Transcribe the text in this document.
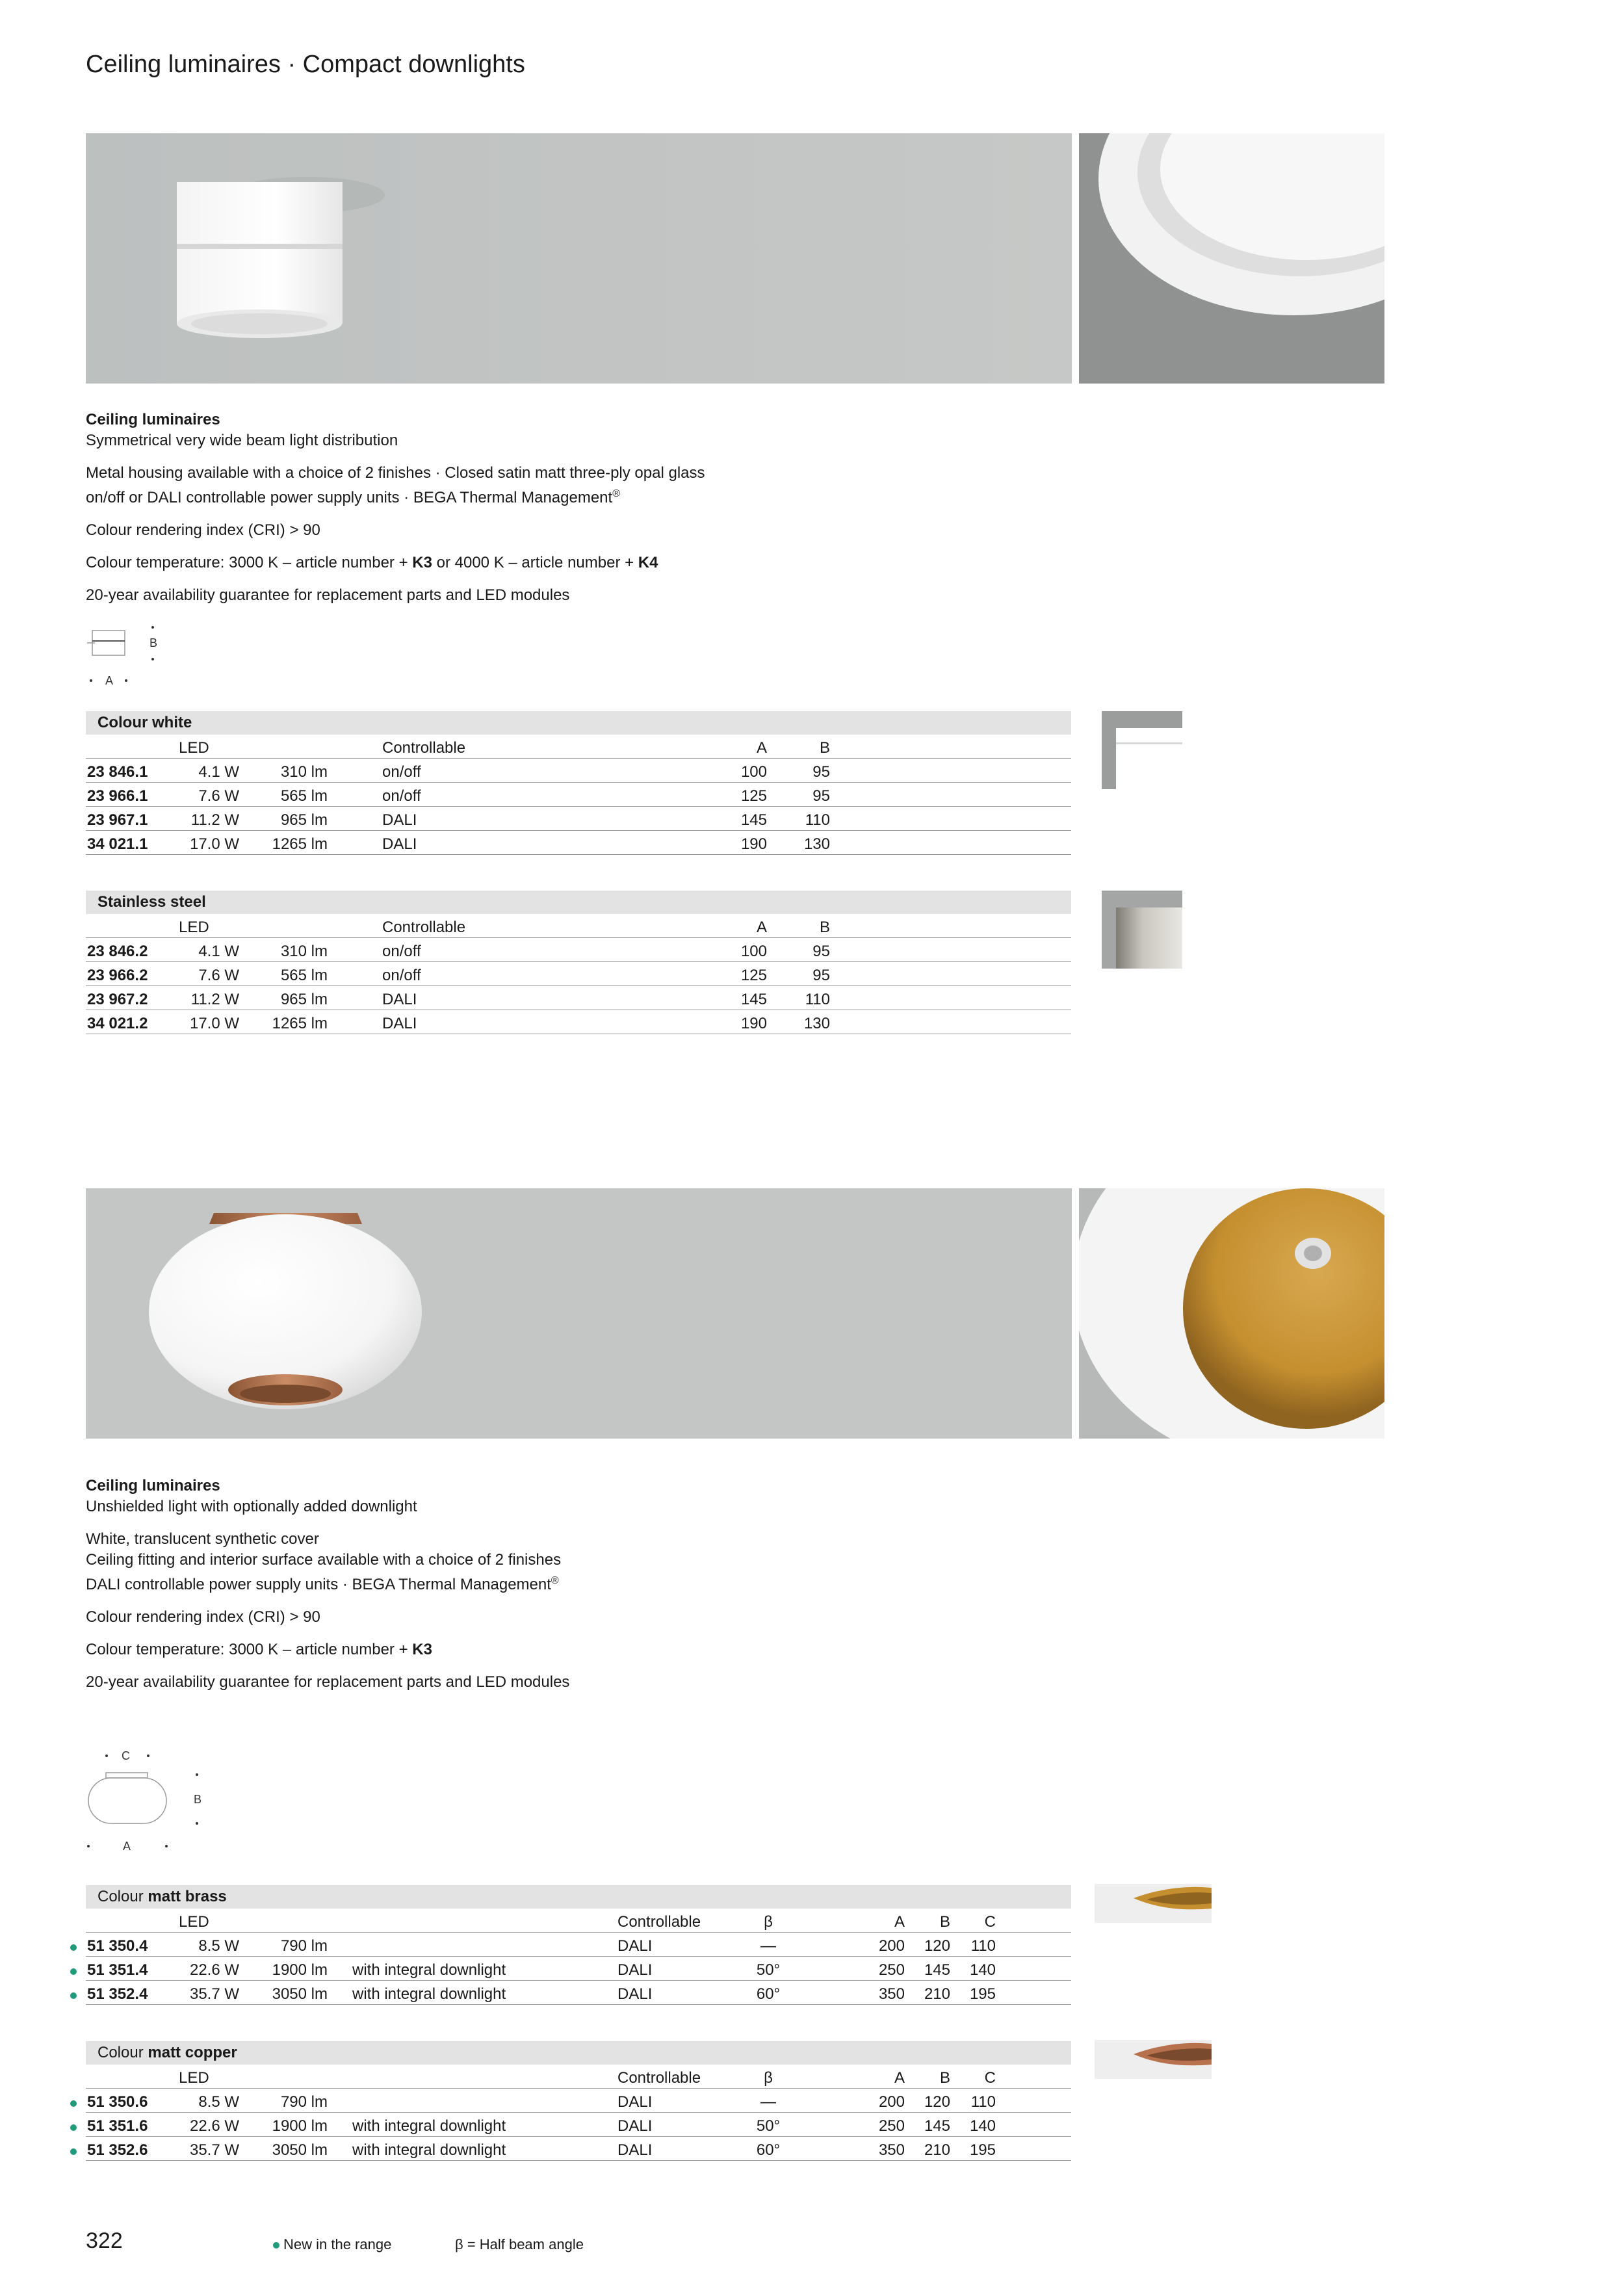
Ceiling luminaires · Compact downlights
Ceiling luminaires

Symmetrical very wide beam light distribution

Metal housing available with a choice of 2 finishes · Closed satin matt three-ply opal glass
on/off or DALI controllable power supply units · BEGA Thermal Management®

Colour rendering index (CRI) > 90

Colour temperature: 3000 K – article number + K3 or 4000 K – article number + K4

20-year availability guarantee for replacement parts and LED modules

B
A
Colour white
LED	Controllable	A	B
23 846.1	4.1 W	310 lm	on/off	100	95
23 966.1	7.6 W	565 lm	on/off	125	95
23 967.1	11.2 W	965 lm	DALI	145	110
34 021.1	17.0 W	1265 lm	DALI	190	130
Stainless steel
LED	Controllable	A	B
23 846.2	4.1 W	310 lm	on/off	100	95
23 966.2	7.6 W	565 lm	on/off	125	95
23 967.2	11.2 W	965 lm	DALI	145	110
34 021.2	17.0 W	1265 lm	DALI	190	130
Ceiling luminaires

Unshielded light with optionally added downlight

White, translucent synthetic cover
Ceiling fitting and interior surface available with a choice of 2 finishes
DALI controllable power supply units · BEGA Thermal Management®

Colour rendering index (CRI) > 90

Colour temperature: 3000 K – article number + K3

20-year availability guarantee for replacement parts and LED modules

C
B
A
Colour matt brass
LED	Controllable	β	A	B	C
51 350.4	8.5 W	790 lm	DALI	—	200	120	110
51 351.4	22.6 W	1900 lm with integral downlight	DALI	50°	250	145	140
51 352.4	35.7 W	3050 lm with integral downlight	DALI	60°	350	210	195
Colour matt copper
LED	Controllable	β	A	B	C
51 350.6	8.5 W	790 lm	DALI	—	200	120	110
51 351.6	22.6 W	1900 lm with integral downlight	DALI	50°	250	145	140
51 352.6	35.7 W	3050 lm with integral downlight	DALI	60°	350	210	195
322	New in the range	β = Half beam angle
